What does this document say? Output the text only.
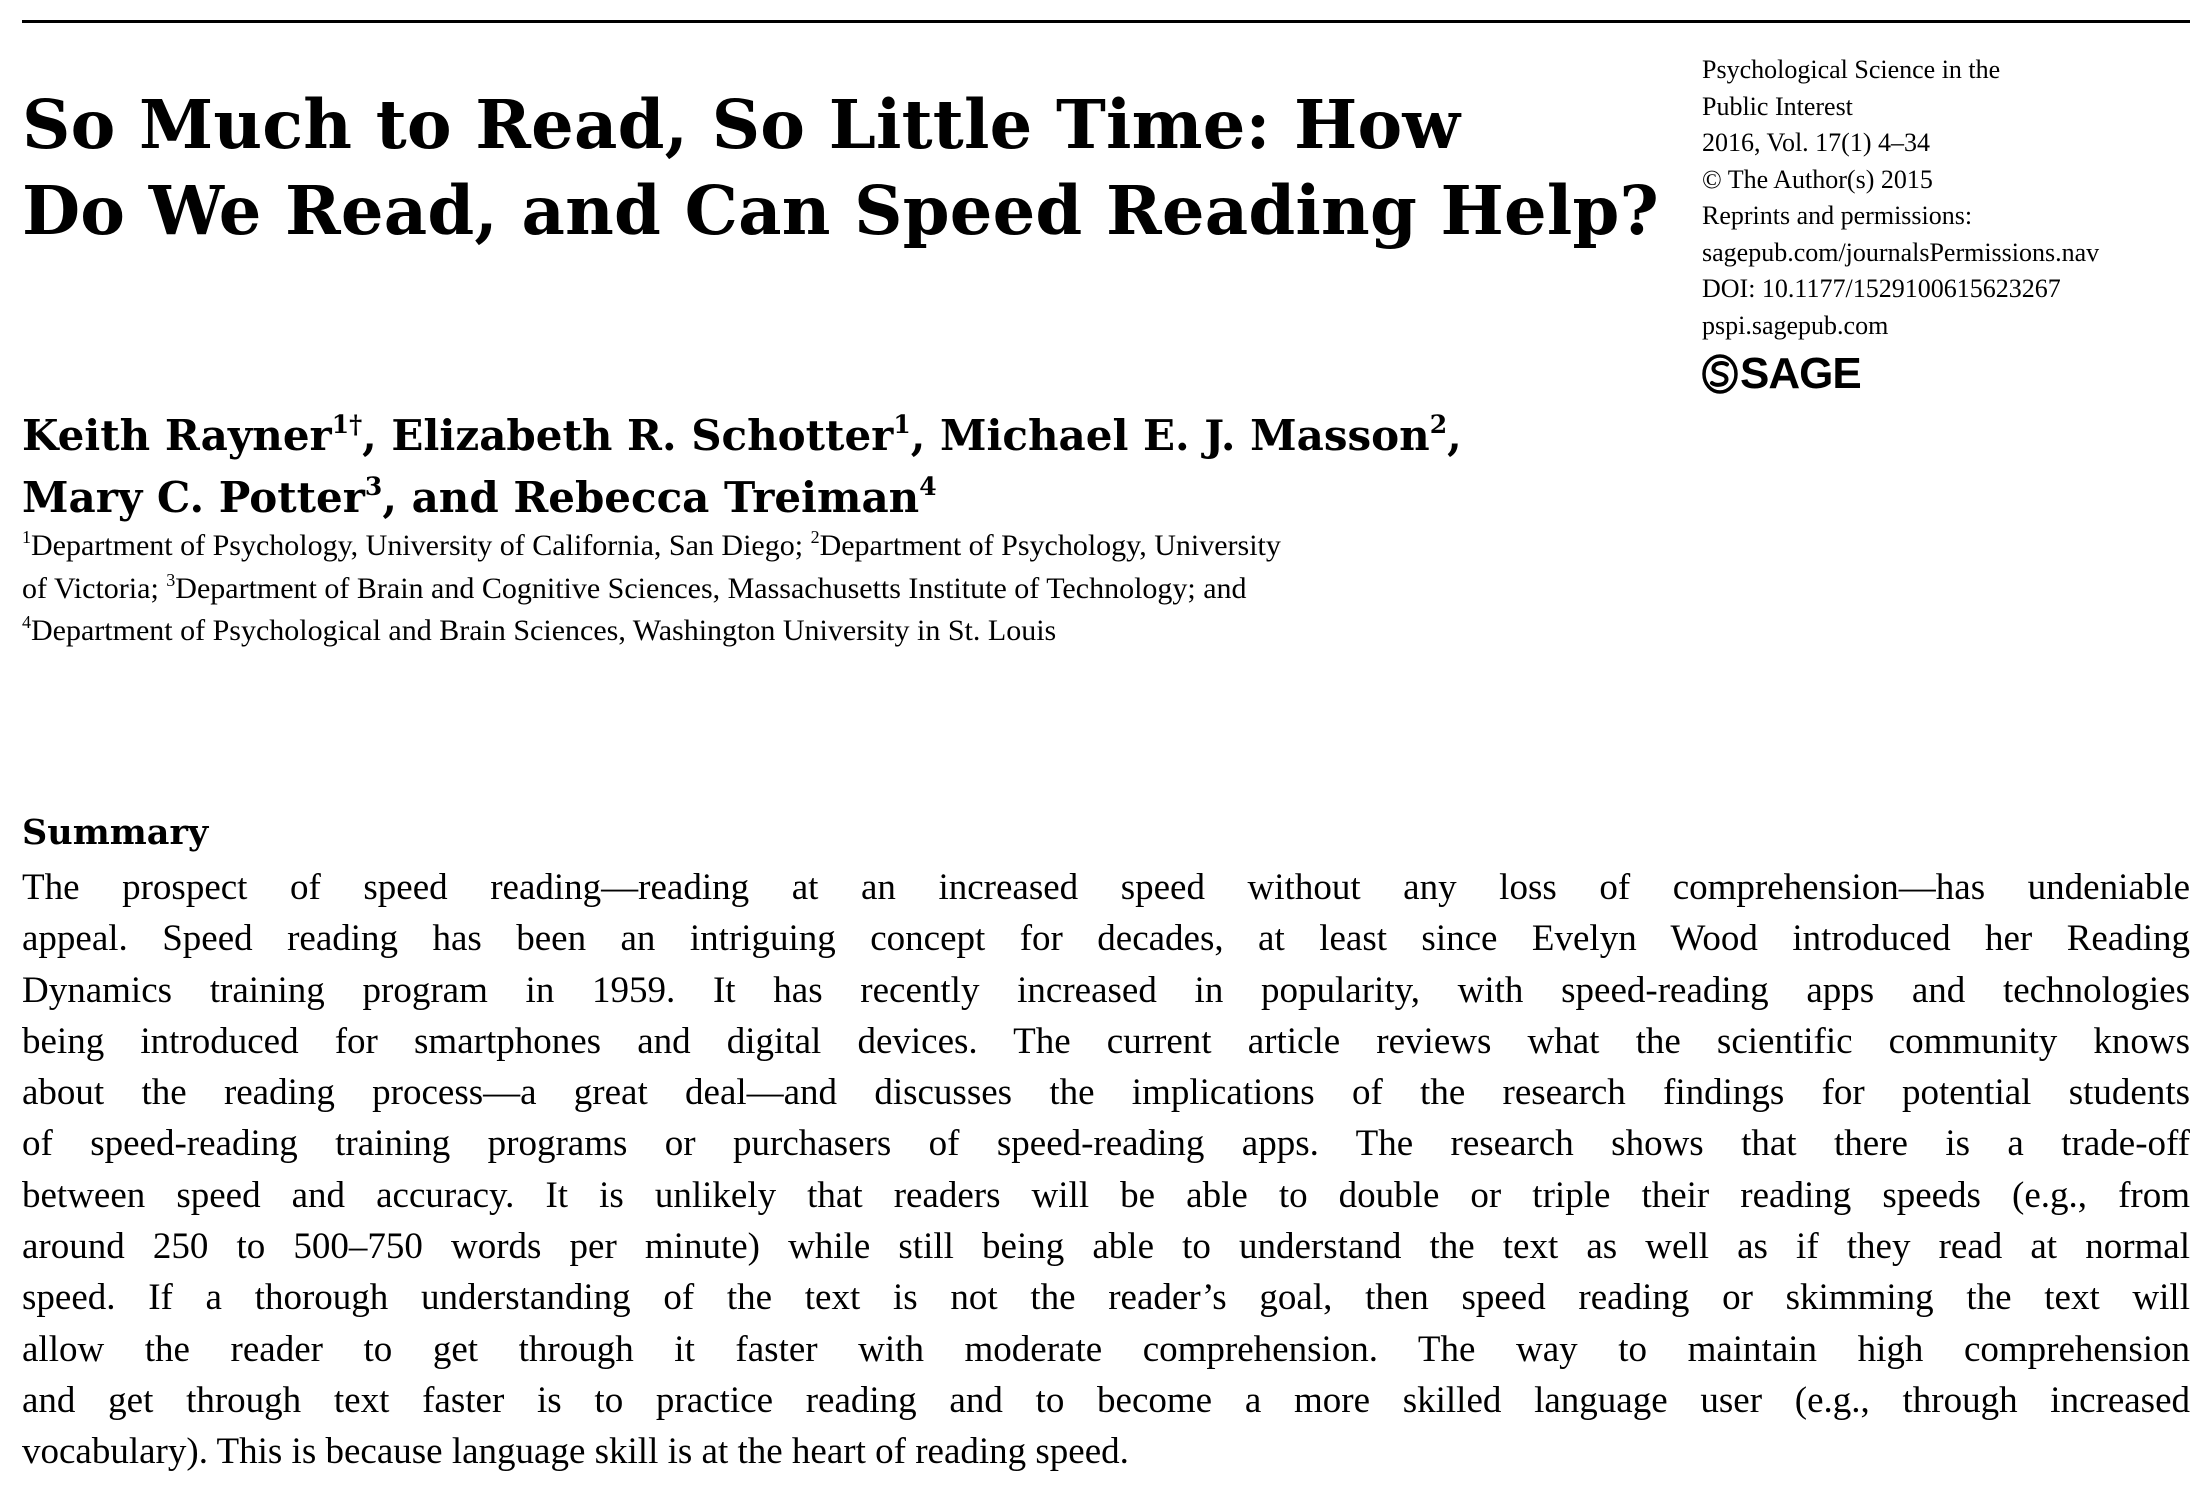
So Much to Read, So Little Time: How
Do We Read, and Can Speed Reading Help?
Psychological Science in the
Public Interest
2016, Vol. 17(1) 4–34
© The Author(s) 2015
Reprints and permissions:
sagepub.com/journalsPermissions.nav
DOI: 10.1177/1529100615623267
pspi.sagepub.com
SAGE
Keith Rayner$^{1\dagger}$, Elizabeth R. Schotter$^1$, Michael E. J. Masson$^2$,
Mary C. Potter$^3$, and Rebecca Treiman$^4$
$^1$Department of Psychology, University of California, San Diego; $^2$Department of Psychology, University
of Victoria; $^3$Department of Brain and Cognitive Sciences, Massachusetts Institute of Technology; and
$^4$Department of Psychological and Brain Sciences, Washington University in St. Louis
Summary
The prospect of speed reading—reading at an increased speed without any loss of comprehension—has undeniable
appeal. Speed reading has been an intriguing concept for decades, at least since Evelyn Wood introduced her Reading
Dynamics training program in 1959. It has recently increased in popularity, with speed-reading apps and technologies
being introduced for smartphones and digital devices. The current article reviews what the scientific community knows
about the reading process—a great deal—and discusses the implications of the research findings for potential students
of speed-reading training programs or purchasers of speed-reading apps. The research shows that there is a trade-off
between speed and accuracy. It is unlikely that readers will be able to double or triple their reading speeds (e.g., from
around 250 to 500–750 words per minute) while still being able to understand the text as well as if they read at normal
speed. If a thorough understanding of the text is not the reader’s goal, then speed reading or skimming the text will
allow the reader to get through it faster with moderate comprehension. The way to maintain high comprehension
and get through text faster is to practice reading and to become a more skilled language user (e.g., through increased
vocabulary). This is because language skill is at the heart of reading speed.
